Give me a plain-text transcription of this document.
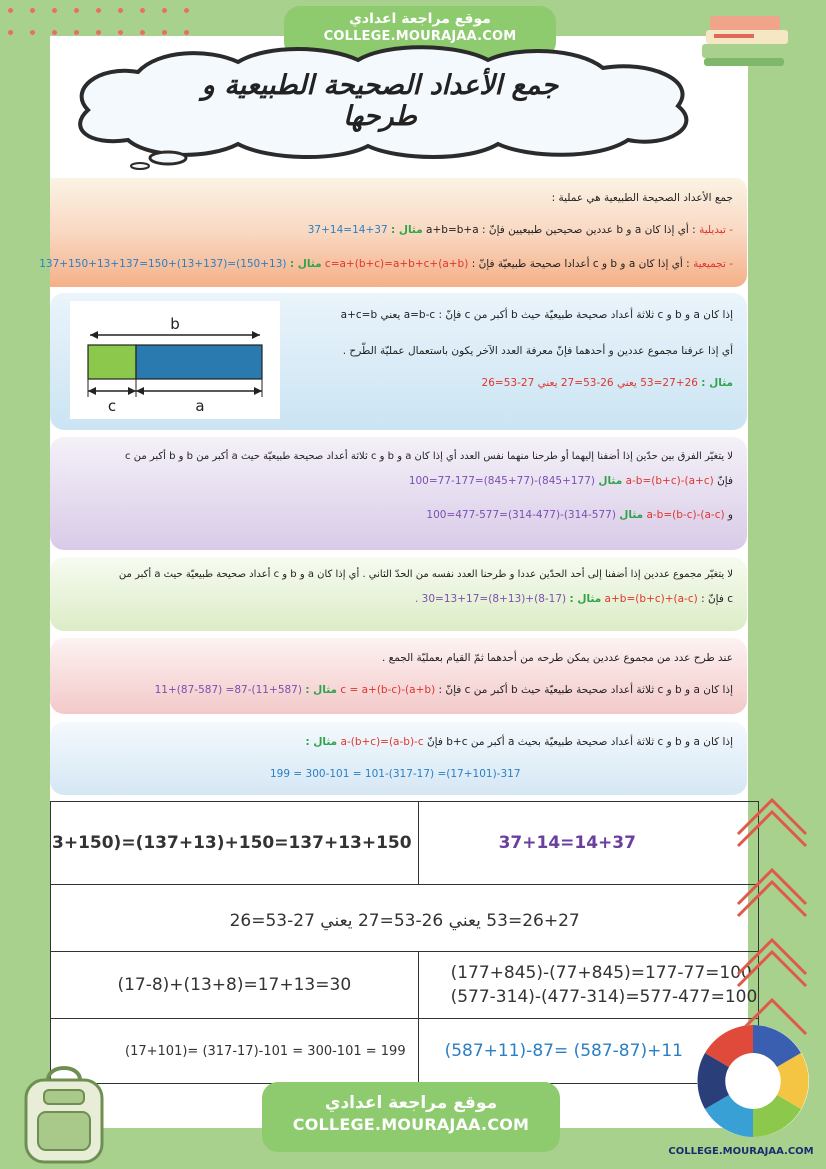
موقع مراجعة اعدادي
COLLEGE.MOURAJAA.COM
جمع الأعداد الصحيحة الطبيعية و طرحها
جمع الأعداد الصحيحة الطبيعية هي عملية :
- تبديلية : أي إذا كان a و b عددين صحيحين طبيعيين فإنّ : a+b=b+a مثال : 37+14=14+37
- تجميعية : أي إذا كان a و b و c أعدادا صحيحة طبيعيّة فإنّ : (a+b)+c=a+(b+c)=a+b+c مثال : (13+150)=(137+13)+150=137+13+150+137
إذا كان a و b و c ثلاثة أعداد صحيحة طبيعيّة حيث b أكبر من c فإنّ : a=b-c يعني a+c=b
أي إذا عرفنا مجموع عددين و أحدهما فإنّ معرفة العدد الآخر يكون باستعمال عمليّة الطّرح .
مثال : 26+27=53 يعني 26-53=27 يعني 27-53=26
b
c	a
لا يتغيّر الفرق بين حدّين إذا أضفنا إليهما أو طرحنا منهما نفس العدد أي إذا كان a و b و c ثلاثة أعداد صحيحة طبيعيّة حيث a أكبر من b و b أكبر من c
فإنّ (a+c)-(b+c)=a-b مثال (177+845)-(77+845)=177-77=100
و (a-c)-(b-c)=a-b مثال (577-314)-(477-314)=577-477=100
لا يتغيّر مجموع عددين إذا أضفنا إلى أحد الحدّين عددا و طرحنا العدد نفسه من الحدّ الثاني . أي إذا كان a و b و c أعداد صحيحة طبيعيّة حيث a أكبر من
c فإنّ : (a-c)+(b+c)=a+b مثال : (17-8)+(13+8)=17+13=30 .
عند طرح عدد من مجموع عددين يمكن طرحه من أحدهما ثمّ القيام بعمليّة الجمع .
إذا كان a و b و c ثلاثة أعداد صحيحة طبيعيّة حيث b أكبر من c فإنّ : (a+b)-c = a+(b-c) مثال : (587+11)-87= (587-87)+11
إذا كان a و b و c ثلاثة أعداد صحيحة طبيعيّة بحيث a أكبر من b+c فإنّ a-(b+c)=(a-b)-c مثال :
317-(17+101)= (317-17)-101 = 300-101 = 199
3+150)=(137+13)+150=137+13+150	37+14=14+37
26+27=53 يعني 26-53=27 يعني 27-53=26	
(17-8)+(13+8)=17+13=30	(177+845)-(77+845)=177-77=100
(577-314)-(477-314)=577-477=100

(17+101)= (317-17)-101 = 300-101 = 199	(587+11)-87= (587-87)+11
موقع مراجعة اعدادي
COLLEGE.MOURAJAA.COM
COLLEGE.MOURAJAA.COM
